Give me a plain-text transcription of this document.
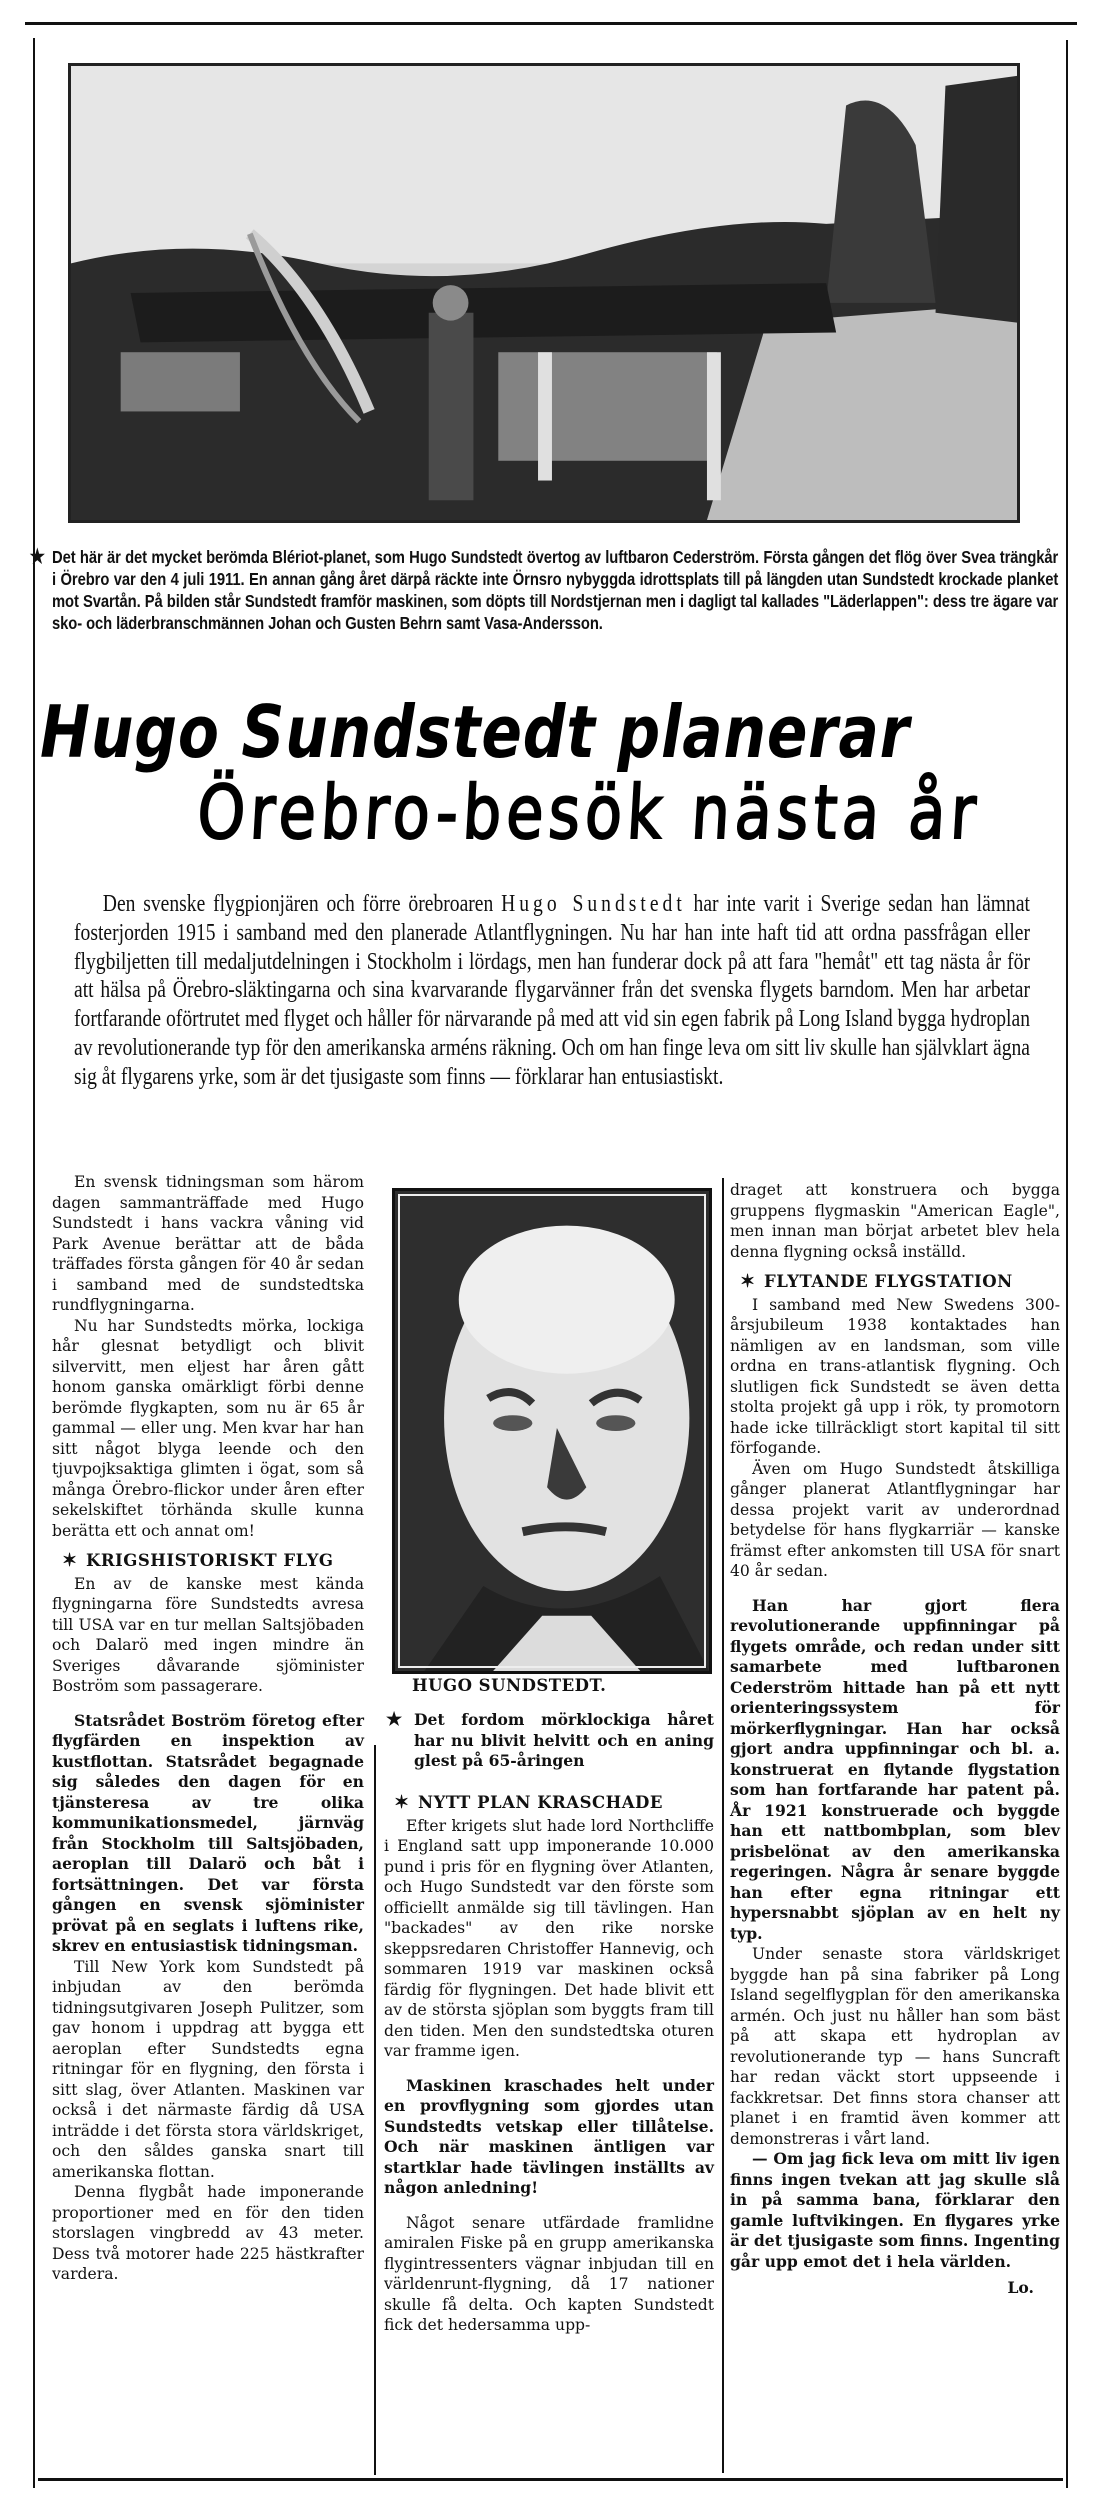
★ Det här är det mycket berömda Blériot-planet, som Hugo Sundstedt övertog av luftbaron Cederström. Första gången det flög över Svea trängkår i Örebro var den 4 juli 1911. En annan gång året därpå räckte inte Örnsro nybyggda idrottsplats till på längden utan Sundstedt krockade planket mot Svartån. På bilden står Sundstedt framför maskinen, som döpts till Nordstjernan men i dagligt tal kallades "Läderlappen": dess tre ägare var sko- och läderbranschmännen Johan och Gusten Behrn samt Vasa-Andersson.
Hugo Sundstedt planerar
Örebro-besök nästa år
Den svenske flygpionjären och förre örebroaren Hugo Sundstedt har inte varit i Sverige sedan han lämnat fosterjorden 1915 i samband med den planerade Atlantflygningen. Nu har han inte haft tid att ordna passfrågan eller flygbiljetten till medaljutdelningen i Stockholm i lördags, men han funderar dock på att fara "hemåt" ett tag nästa år för att hälsa på Örebro-släktingarna och sina kvarvarande flygarvänner från det svenska flygets barndom. Men har arbetar fortfarande oförtrutet med flyget och håller för närvarande på med att vid sin egen fabrik på Long Island bygga hydroplan av revolutionerande typ för den amerikanska arméns räkning. Och om han finge leva om sitt liv skulle han självklart ägna sig åt flygarens yrke, som är det tjusigaste som finns — förklarar han entusiastiskt.

En svensk tidningsman som härom dagen sammanträffade med Hugo Sundstedt i hans vackra våning vid Park Avenue berättar att de båda träffades första gången för 40 år sedan i samband med de sundstedtska rundflygningarna.

Nu har Sundstedts mörka, lockiga hår glesnat betydligt och blivit silvervitt, men eljest har åren gått honom ganska omärkligt förbi denne berömde flygkapten, som nu är 65 år gammal — eller ung. Men kvar har han sitt något blyga leende och den tjuvpojksaktiga glimten i ögat, som så många Örebro-flickor under åren efter sekelskiftet törhända skulle kunna berätta ett och annat om!

✶ KRIGSHISTORISKT FLYG

En av de kanske mest kända flygningarna före Sundstedts avresa till USA var en tur mellan Saltsjöbaden och Dalarö med ingen mindre än Sveriges dåvarande sjöminister Boström som passagerare.

Statsrådet Boström företog efter flygfärden en inspektion av kustflottan. Statsrådet begagnade sig således den dagen för en tjänsteresa av tre olika kommunikationsmedel, järnväg från Stockholm till Saltsjöbaden, aeroplan till Dalarö och båt i fortsättningen. Det var första gången en svensk sjöminister prövat på en seglats i luftens rike, skrev en entusiastisk tidningsman.

Till New York kom Sundstedt på inbjudan av den berömda tidningsutgivaren Joseph Pulitzer, som gav honom i uppdrag att bygga ett aeroplan efter Sundstedts egna ritningar för en flygning, den första i sitt slag, över Atlanten. Maskinen var också i det närmaste färdig då USA inträdde i det första stora världskriget, och den såldes ganska snart till amerikanska flottan.

Denna flygbåt hade imponerande proportioner med en för den tiden storslagen vingbredd av 43 meter. Dess två motorer hade 225 hästkrafter vardera.

HUGO SUNDSTEDT.
★ Det fordom mörklockiga håret har nu blivit helvitt och en aning glest på 65-åringen
✶ NYTT PLAN KRASCHADE

Efter krigets slut hade lord Northcliffe i England satt upp imponerande 10.000 pund i pris för en flygning över Atlanten, och Hugo Sundstedt var den förste som officiellt anmälde sig till tävlingen. Han "backades" av den rike norske skeppsredaren Christoffer Hannevig, och sommaren 1919 var maskinen också färdig för flygningen. Det hade blivit ett av de största sjöplan som byggts fram till den tiden. Men den sundstedtska oturen var framme igen.

Maskinen kraschades helt under en provflygning som gjordes utan Sundstedts vetskap eller tillåtelse. Och när maskinen äntligen var startklar hade tävlingen inställts av någon anledning!

Något senare utfärdade framlidne amiralen Fiske på en grupp amerikanska flygintressenters vägnar inbjudan till en världenrunt-flygning, då 17 nationer skulle få delta. Och kapten Sundstedt fick det hedersamma upp-

draget att konstruera och bygga gruppens flygmaskin "American Eagle", men innan man börjat arbetet blev hela denna flygning också inställd.

✶ FLYTANDE FLYGSTATION

I samband med New Swedens 300-årsjubileum 1938 kontaktades han nämligen av en landsman, som ville ordna en trans-atlantisk flygning. Och slutligen fick Sundstedt se även detta stolta projekt gå upp i rök, ty promotorn hade icke tillräckligt stort kapital til sitt förfogande.

Även om Hugo Sundstedt åtskilliga gånger planerat Atlantflygningar har dessa projekt varit av underordnad betydelse för hans flygkarriär — kanske främst efter ankomsten till USA för snart 40 år sedan.

Han har gjort flera revolutionerande uppfinningar på flygets område, och redan under sitt samarbete med luftbaronen Cederström hittade han på ett nytt orienteringssystem för mörkerflygningar. Han har också gjort andra uppfinningar och bl. a. konstruerat en flytande flygstation som han fortfarande har patent på. År 1921 konstruerade och byggde han ett nattbombplan, som blev prisbelönat av den amerikanska regeringen. Några år senare byggde han efter egna ritningar ett hypersnabbt sjöplan av en helt ny typ.

Under senaste stora världskriget byggde han på sina fabriker på Long Island segelflygplan för den amerikanska armén. Och just nu håller han som bäst på att skapa ett hydroplan av revolutionerande typ — hans Suncraft har redan väckt stort uppseende i fackkretsar. Det finns stora chanser att planet i en framtid även kommer att demonstreras i vårt land.

— Om jag fick leva om mitt liv igen finns ingen tvekan att jag skulle slå in på samma bana, förklarar den gamle luftvikingen. En flygares yrke är det tjusigaste som finns. Ingenting går upp emot det i hela världen.

Lo.
